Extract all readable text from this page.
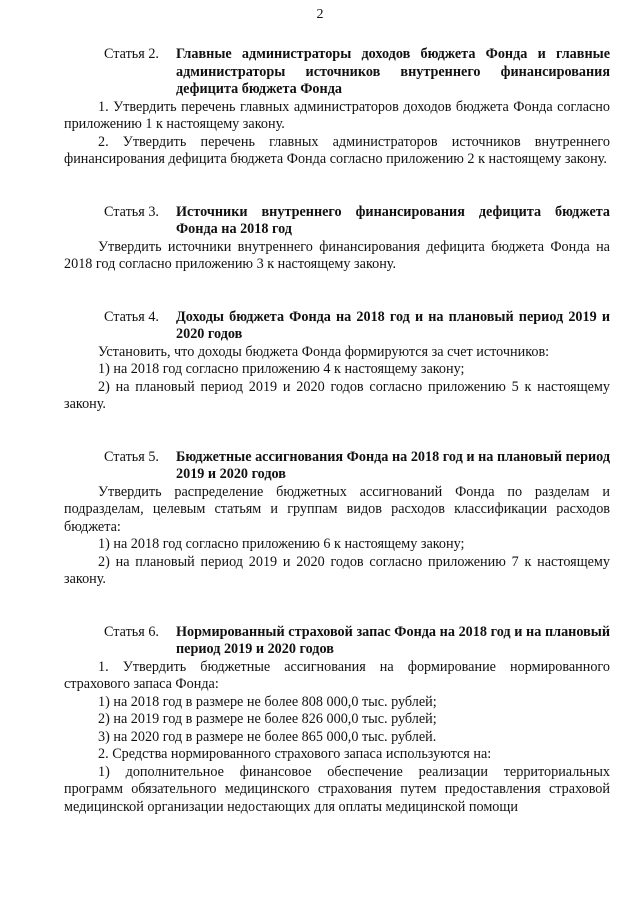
2
Статья 2.	Главные администраторы доходов бюджета Фонда и главные администраторы источников внутреннего финансирования дефицита бюджета Фонда

1. Утвердить перечень главных администраторов доходов бюджета Фонда согласно приложению 1 к настоящему закону.

2. Утвердить перечень главных администраторов источников внутреннего финансирования дефицита бюджета Фонда согласно приложению 2 к настоящему закону.

Статья 3.	Источники внутреннего финансирования дефицита бюджета Фонда на 2018 год

Утвердить источники внутреннего финансирования дефицита бюджета Фонда на 2018 год согласно приложению 3 к настоящему закону.

Статья 4.	Доходы бюджета Фонда на 2018 год и на плановый период 2019 и 2020 годов

Установить, что доходы бюджета Фонда формируются за счет источников:

1) на 2018 год согласно приложению 4 к настоящему закону;

2) на плановый период 2019 и 2020 годов согласно приложению 5 к настоящему закону.

Статья 5.	Бюджетные ассигнования Фонда на 2018 год и на плановый период 2019 и 2020 годов

Утвердить распределение бюджетных ассигнований Фонда по разделам и подразделам, целевым статьям и группам видов расходов классификации расходов бюджета:

1) на 2018 год согласно приложению 6 к настоящему закону;

2) на плановый период 2019 и 2020 годов согласно приложению 7 к настоящему закону.

Статья 6.	Нормированный страховой запас Фонда на 2018 год и на плановый период 2019 и 2020 годов

1. Утвердить бюджетные ассигнования на формирование нормированного страхового запаса Фонда:

1) на 2018 год в размере не более 808 000,0 тыс. рублей;

2) на 2019 год в размере не более 826 000,0 тыс. рублей;

3) на 2020 год в размере не более 865 000,0 тыс. рублей.

2. Средства нормированного страхового запаса используются на:

1) дополнительное финансовое обеспечение реализации территориальных программ обязательного медицинского страхования путем предоставления страховой медицинской организации недостающих для оплаты медицинской помощи
